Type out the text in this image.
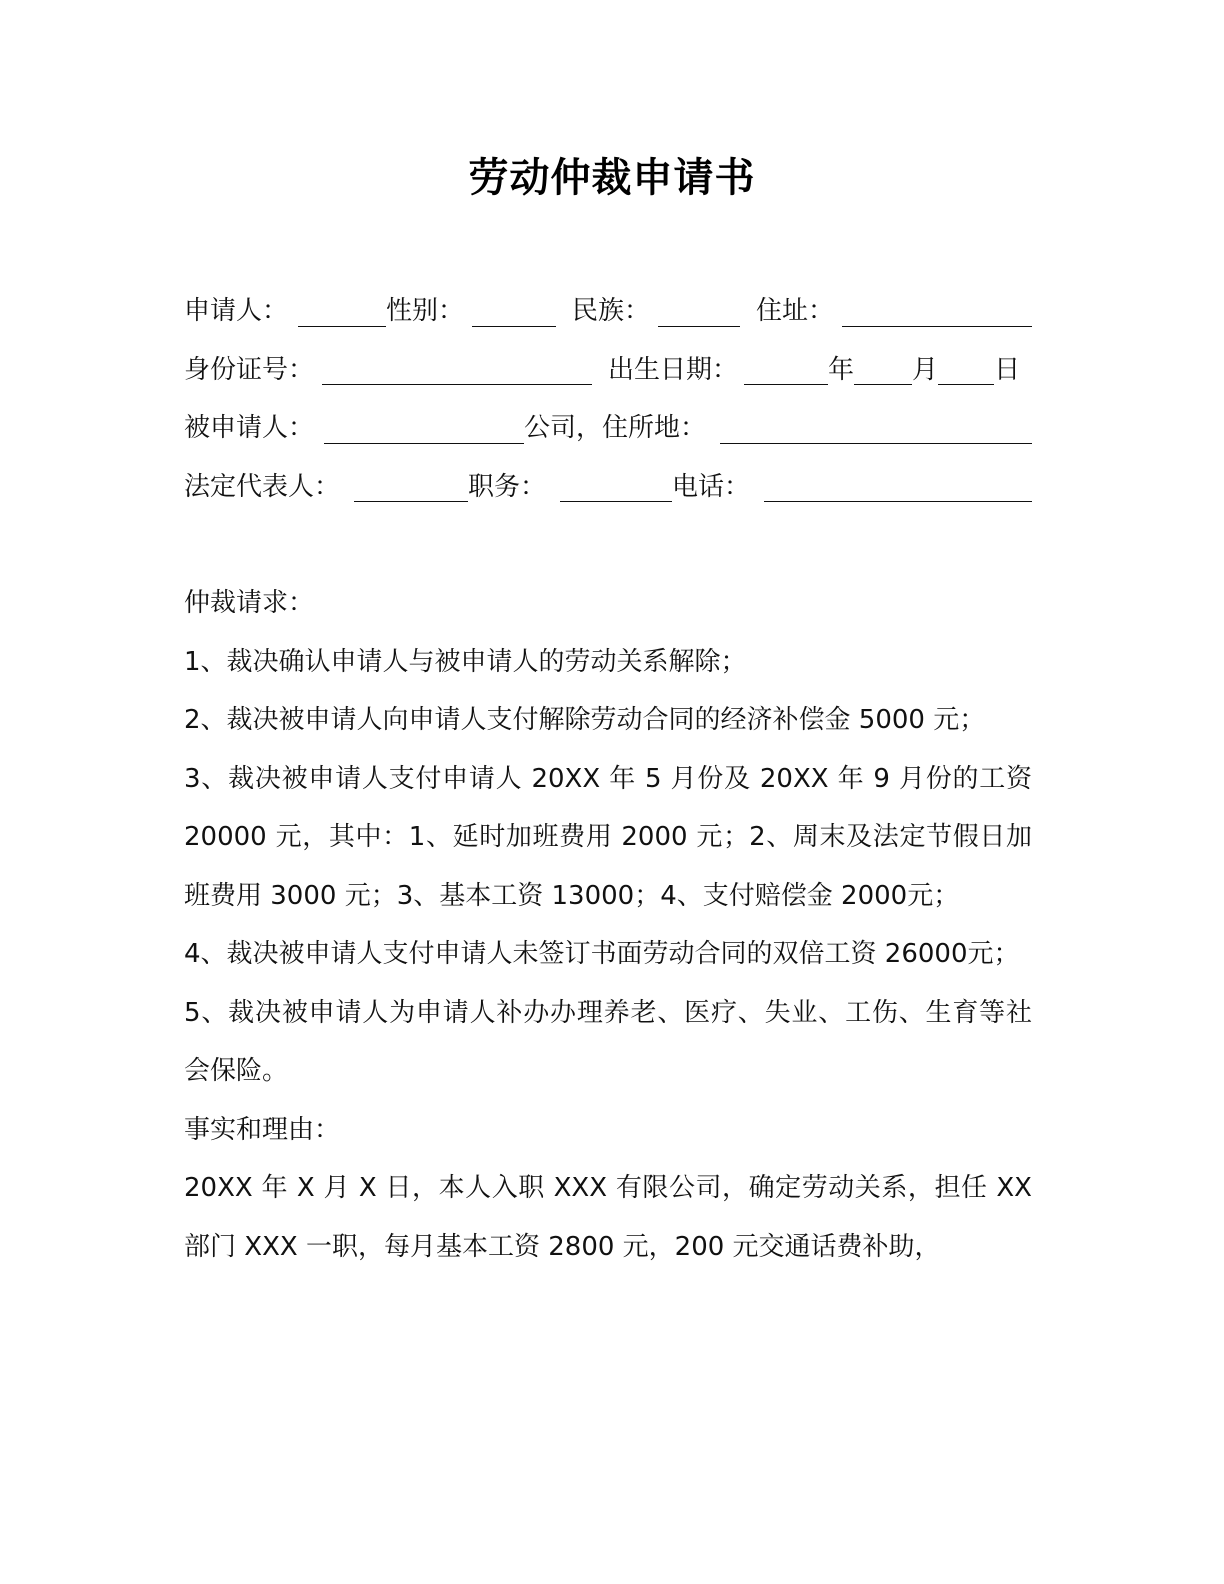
劳动仲裁申请书
申请人：	性别：	民族：	住址：
身份证号：	出生日期：	年 月 日
被申请人：	公司，住所地：
法定代表人：	职务：	电话：

仲裁请求：

1、裁决确认申请人与被申请人的劳动关系解除；

2、裁决被申请人向申请人支付解除劳动合同的经济补偿金 5000 元；

3、裁决被申请人支付申请人 20XX 年 5 月份及 20XX 年 9 月份的工资 20000 元，其中：1、延时加班费用 2000 元；2、周末及法定节假日加班费用 3000 元；3、基本工资 13000；4、支付赔偿金 2000元；

4、裁决被申请人支付申请人未签订书面劳动合同的双倍工资 26000元；

5、裁决被申请人为申请人补办办理养老、医疗、失业、工伤、生育等社会保险。

事实和理由：

20XX 年 X 月 X 日，本人入职 XXX 有限公司，确定劳动关系，担任 XX 部门 XXX 一职，每月基本工资 2800 元，200 元交通话费补助，
